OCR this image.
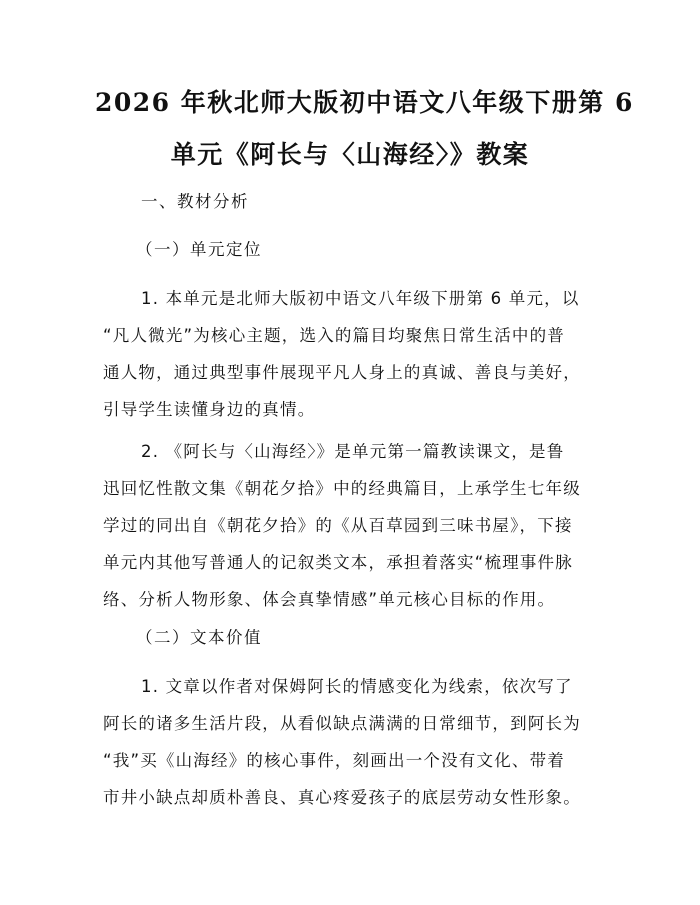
2026 年秋北师大版初中语文八年级下册第 6
单元《阿长与〈山海经〉》教案
一、教材分析
（一）单元定位
1. 本单元是北师大版初中语文八年级下册第 6 单元，以
“凡人微光”为核心主题，选入的篇目均聚焦日常生活中的普
通人物，通过典型事件展现平凡人身上的真诚、善良与美好，
引导学生读懂身边的真情。
2. 《阿长与〈山海经〉》是单元第一篇教读课文，是鲁
迅回忆性散文集《朝花夕拾》中的经典篇目，上承学生七年级
学过的同出自《朝花夕拾》的《从百草园到三味书屋》，下接
单元内其他写普通人的记叙类文本，承担着落实“梳理事件脉
络、分析人物形象、体会真挚情感”单元核心目标的作用。
（二）文本价值
1. 文章以作者对保姆阿长的情感变化为线索，依次写了
阿长的诸多生活片段，从看似缺点满满的日常细节，到阿长为
“我”买《山海经》的核心事件，刻画出一个没有文化、带着
市井小缺点却质朴善良、真心疼爱孩子的底层劳动女性形象。
